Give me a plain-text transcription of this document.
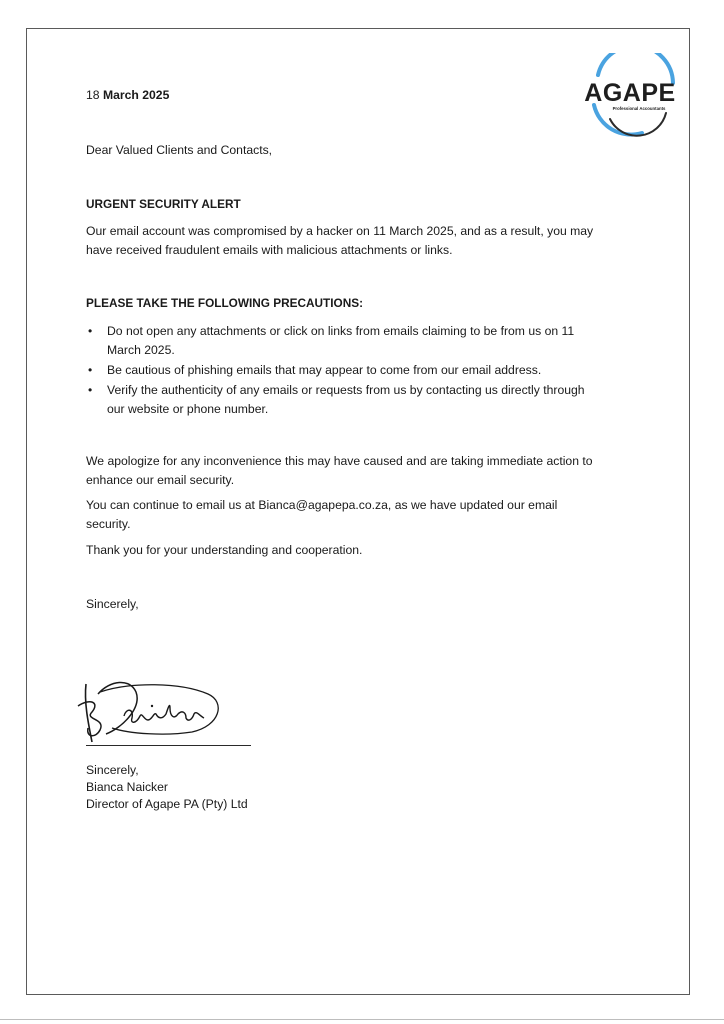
18 March 2025	AGAPE
Professional Accountants

Dear Valued Clients and Contacts,

URGENT SECURITY ALERT

Our email account was compromised by a hacker on 11 March 2025, and as a result, you may

have received fraudulent emails with malicious attachments or links.

PLEASE TAKE THE FOLLOWING PRECAUTIONS:

• Do not open any attachments or click on links from emails claiming to be from us on 11
March 2025.
• Be cautious of phishing emails that may appear to come from our email address.
• Verify the authenticity of any emails or requests from us by contacting us directly through
our website or phone number.

We apologize for any inconvenience this may have caused and are taking immediate action to

enhance our email security.

You can continue to email us at Bianca@agapepa.co.za, as we have updated our email

security.

Thank you for your understanding and cooperation.

Sincerely,

Sincerely,

Bianca Naicker

Director of Agape PA (Pty) Ltd
